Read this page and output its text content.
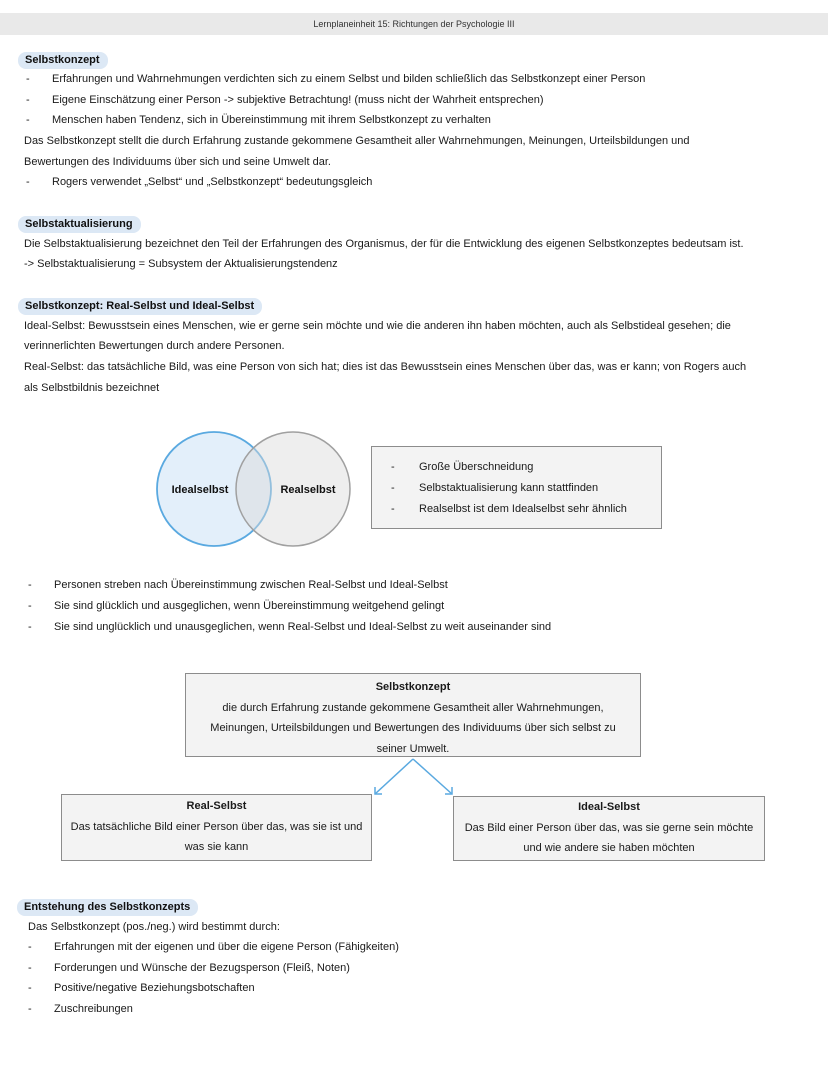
Lernplaneinheit 15: Richtungen der Psychologie III
Selbstkonzept
- Erfahrungen und Wahrnehmungen verdichten sich zu einem Selbst und bilden schließlich das Selbstkonzept einer Person
- Eigene Einschätzung einer Person -> subjektive Betrachtung! (muss nicht der Wahrheit entsprechen)
- Menschen haben Tendenz, sich in Übereinstimmung mit ihrem Selbstkonzept zu verhalten
Das Selbstkonzept stellt die durch Erfahrung zustande gekommene Gesamtheit aller Wahrnehmungen, Meinungen, Urteilsbildungen und
Bewertungen des Individuums über sich und seine Umwelt dar.
- Rogers verwendet „Selbst“ und „Selbstkonzept“ bedeutungsgleich
Selbstaktualisierung
Die Selbstaktualisierung bezeichnet den Teil der Erfahrungen des Organismus, der für die Entwicklung des eigenen Selbstkonzeptes bedeutsam ist.
-> Selbstaktualisierung = Subsystem der Aktualisierungstendenz
Selbstkonzept: Real-Selbst und Ideal-Selbst
Ideal-Selbst: Bewusstsein eines Menschen, wie er gerne sein möchte und wie die anderen ihn haben möchten, auch als Selbstideal gesehen; die
verinnerlichten Bewertungen durch andere Personen.
Real-Selbst: das tatsächliche Bild, was eine Person von sich hat; dies ist das Bewusstsein eines Menschen über das, was er kann; von Rogers auch
als Selbstbildnis bezeichnet
Idealselbst	Realselbst
- Große Überschneidung
- Selbstaktualisierung kann stattfinden
- Realselbst ist dem Idealselbst sehr ähnlich
- Personen streben nach Übereinstimmung zwischen Real-Selbst und Ideal-Selbst
- Sie sind glücklich und ausgeglichen, wenn Übereinstimmung weitgehend gelingt
- Sie sind unglücklich und unausgeglichen, wenn Real-Selbst und Ideal-Selbst zu weit auseinander sind
Selbstkonzept
die durch Erfahrung zustande gekommene Gesamtheit aller Wahrnehmungen,
Meinungen, Urteilsbildungen und Bewertungen des Individuums über sich selbst zu
seiner Umwelt.
Real-Selbst
Das tatsächliche Bild einer Person über das, was sie ist und
was sie kann
Ideal-Selbst
Das Bild einer Person über das, was sie gerne sein möchte
und wie andere sie haben möchten
Entstehung des Selbstkonzepts
Das Selbstkonzept (pos./neg.) wird bestimmt durch:
- Erfahrungen mit der eigenen und über die eigene Person (Fähigkeiten)
- Forderungen und Wünsche der Bezugsperson (Fleiß, Noten)
- Positive/negative Beziehungsbotschaften
- Zuschreibungen
